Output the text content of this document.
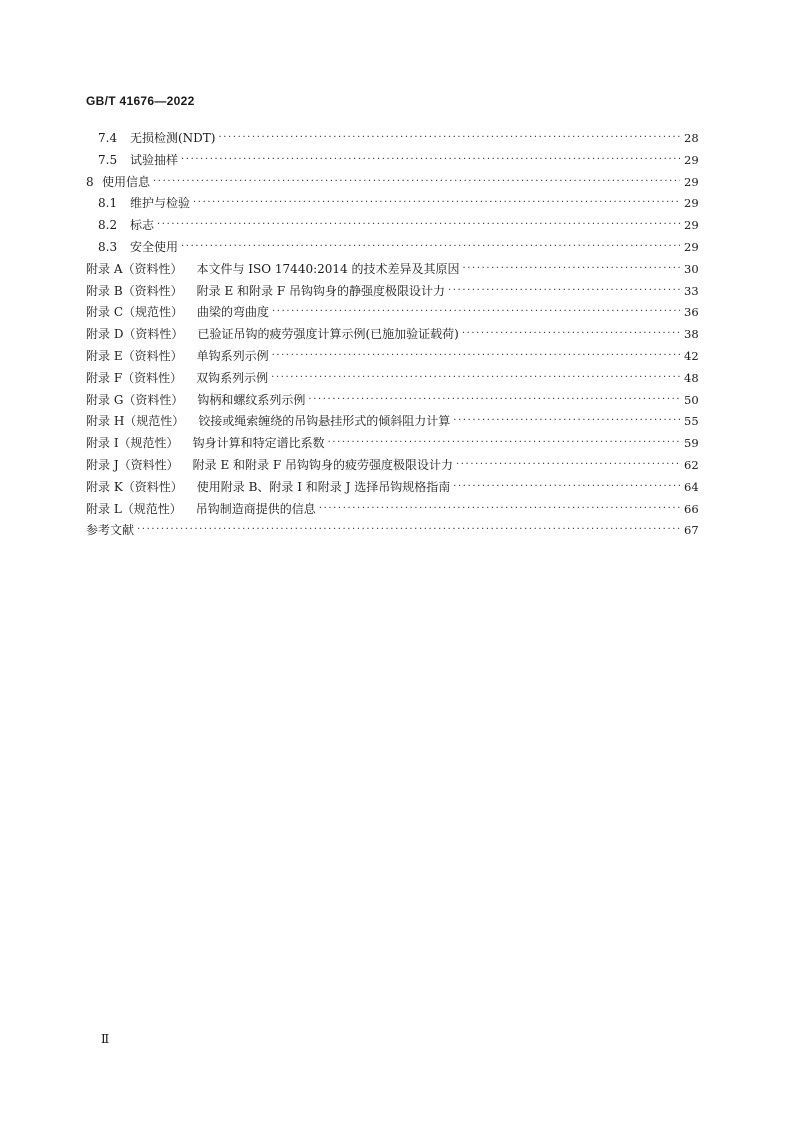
GB/T 41676—2022
7.4	无损检测(NDT) ·····	28
7.5	试验抽样 ·····	29
8 使用信息 ·····	29
8.1	维护与检验 ·····	29
8.2	标志 ·····	29
8.3	安全使用 ·····	29
附录 A（资料性） 本文件与 ISO 17440:2014 的技术差异及其原因 ·····	30
附录 B（资料性） 附录 E 和附录 F 吊钩钩身的静强度极限设计力 ·····	33
附录 C（规范性） 曲梁的弯曲度 ·····	36
附录 D（资料性） 已验证吊钩的疲劳强度计算示例(已施加验证载荷) ·····	38
附录 E（资料性） 单钩系列示例 ·····	42
附录 F（资料性） 双钩系列示例 ·····	48
附录 G（资料性） 钩柄和螺纹系列示例 ·····	50
附录 H（规范性） 铰接或绳索缠绕的吊钩悬挂形式的倾斜阻力计算 ·····	55
附录 I（规范性） 钩身计算和特定谱比系数 ·····	59
附录 J（资料性） 附录 E 和附录 F 吊钩钩身的疲劳强度极限设计力 ·····	62
附录 K（资料性） 使用附录 B、附录 I 和附录 J 选择吊钩规格指南 ·····	64
附录 L（规范性） 吊钩制造商提供的信息 ·····	66
参考文献 ·····	67
Ⅱ
